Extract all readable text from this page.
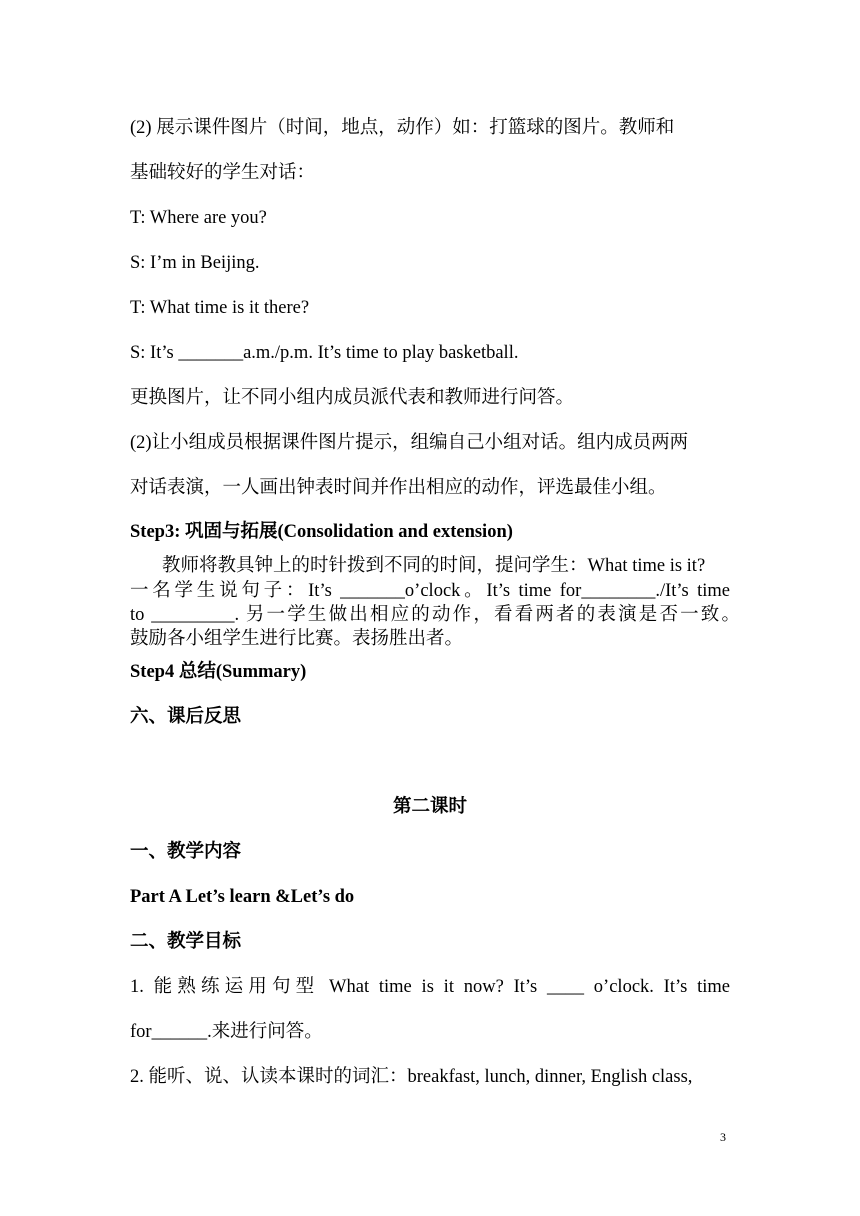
(2) 展示课件图片（时间，地点，动作）如：打篮球的图片。教师和
基础较好的学生对话：
T: Where are you?
S: I’m in Beijing.
T: What time is it there?
S: It’s _______a.m./p.m. It’s time to play basketball.
更换图片，让不同小组内成员派代表和教师进行问答。
(2)让小组成员根据课件图片提示，组编自己小组对话。组内成员两两
对话表演，一人画出钟表时间并作出相应的动作，评选最佳小组。
Step3: 巩固与拓展(Consolidation and extension)
教师将教具钟上的时针拨到不同的时间，提问学生：What time is it?
一名学生说句子：It’s _______o’clock。It’s time for________./It’s time
to _________. 另一学生做出相应的动作，看看两者的表演是否一致。
鼓励各小组学生进行比赛。表扬胜出者。
Step4 总结(Summary)
六、课后反思
第二课时
一、教学内容
Part A Let’s learn &Let’s do
二、教学目标
1. 能熟练运用句型 What time is it now? It’s ____ o’clock. It’s time
for______.来进行问答。
2. 能听、说、认读本课时的词汇：breakfast, lunch, dinner, English class,
3
